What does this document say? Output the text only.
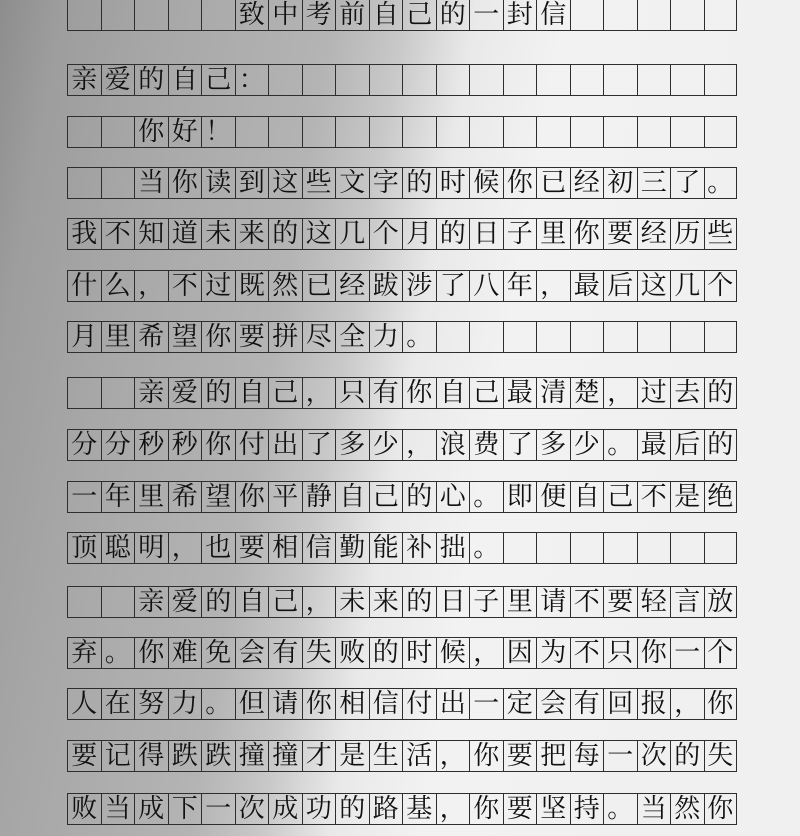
致 中 考 前 自 己 的 一 封 信
亲 爱 的 自 己 ：
你 好 ！
当 你 读 到 这 些 文 字 的 时 候 你 已 经 初 三 了 。
我 不 知 道 未 来 的 这 几 个 月 的 日 子 里 你 要 经 历 些
什 么 ， 不 过 既 然 已 经 跋 涉 了 八 年 ， 最 后 这 几 个
月 里 希 望 你 要 拼 尽 全 力 。
亲 爱 的 自 己 ， 只 有 你 自 己 最 清 楚 ， 过 去 的
分 分 秒 秒 你 付 出 了 多 少 ， 浪 费 了 多 少 。 最 后 的
一 年 里 希 望 你 平 静 自 己 的 心 。 即 便 自 己 不 是 绝
顶 聪 明 ， 也 要 相 信 勤 能 补 拙 。
亲 爱 的 自 己 ， 未 来 的 日 子 里 请 不 要 轻 言 放
弃 。 你 难 免 会 有 失 败 的 时 候 ， 因 为 不 只 你 一 个
人 在 努 力 。 但 请 你 相 信 付 出 一 定 会 有 回 报 ， 你
要 记 得 跌 跌 撞 撞 才 是 生 活 ， 你 要 把 每 一 次 的 失
败 当 成 下 一 次 成 功 的 路 基 ， 你 要 坚 持 。 当 然 你
